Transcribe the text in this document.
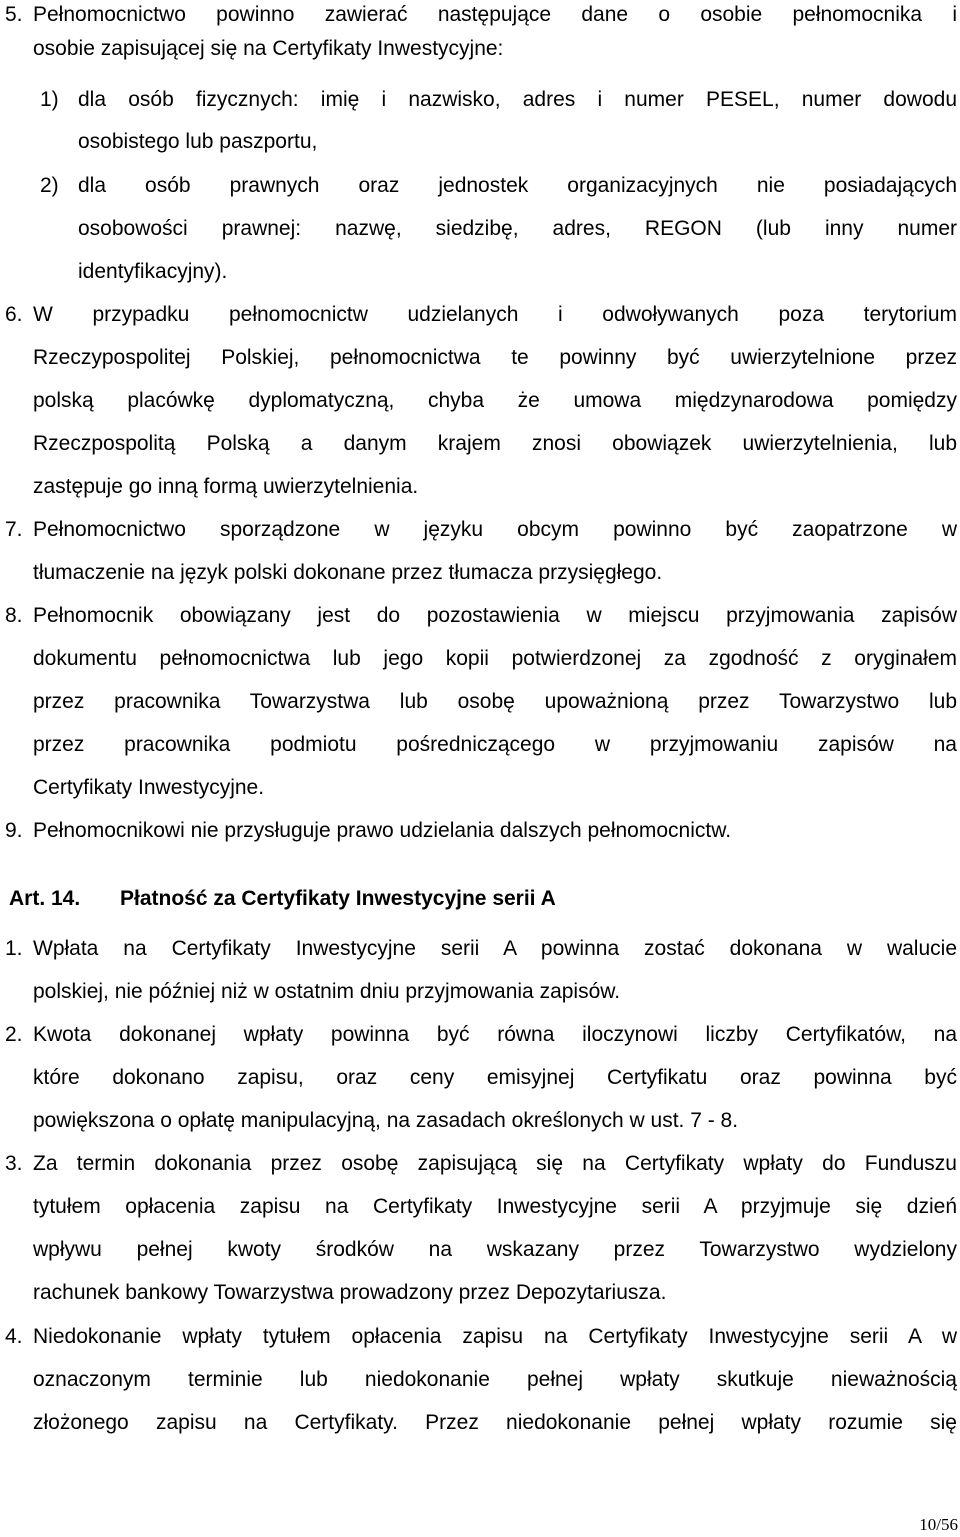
5. Pełnomocnictwo powinno zawierać następujące dane o osobie pełnomocnika i
osobie zapisującej się na Certyfikaty Inwestycyjne:
1) dla osób fizycznych: imię i nazwisko, adres i numer PESEL, numer dowodu
osobistego lub paszportu,
2) dla osób prawnych oraz jednostek organizacyjnych nie posiadających
osobowości prawnej: nazwę, siedzibę, adres, REGON (lub inny numer
identyfikacyjny).
6. W przypadku pełnomocnictw udzielanych i odwoływanych poza terytorium
Rzeczypospolitej Polskiej, pełnomocnictwa te powinny być uwierzytelnione przez
polską placówkę dyplomatyczną, chyba że umowa międzynarodowa pomiędzy
Rzeczpospolitą Polską a danym krajem znosi obowiązek uwierzytelnienia, lub
zastępuje go inną formą uwierzytelnienia.
7. Pełnomocnictwo sporządzone w języku obcym powinno być zaopatrzone w
tłumaczenie na język polski dokonane przez tłumacza przysięgłego.
8. Pełnomocnik obowiązany jest do pozostawienia w miejscu przyjmowania zapisów
dokumentu pełnomocnictwa lub jego kopii potwierdzonej za zgodność z oryginałem
przez pracownika Towarzystwa lub osobę upoważnioną przez Towarzystwo lub
przez pracownika podmiotu pośredniczącego w przyjmowaniu zapisów na
Certyfikaty Inwestycyjne.
9. Pełnomocnikowi nie przysługuje prawo udzielania dalszych pełnomocnictw.
Art. 14. Płatność za Certyfikaty Inwestycyjne serii A
1. Wpłata na Certyfikaty Inwestycyjne serii A powinna zostać dokonana w walucie
polskiej, nie później niż w ostatnim dniu przyjmowania zapisów.
2. Kwota dokonanej wpłaty powinna być równa iloczynowi liczby Certyfikatów, na
które dokonano zapisu, oraz ceny emisyjnej Certyfikatu oraz powinna być
powiększona o opłatę manipulacyjną, na zasadach określonych w ust. 7 - 8.
3. Za termin dokonania przez osobę zapisującą się na Certyfikaty wpłaty do Funduszu
tytułem opłacenia zapisu na Certyfikaty Inwestycyjne serii A przyjmuje się dzień
wpływu pełnej kwoty środków na wskazany przez Towarzystwo wydzielony
rachunek bankowy Towarzystwa prowadzony przez Depozytariusza.
4. Niedokonanie wpłaty tytułem opłacenia zapisu na Certyfikaty Inwestycyjne serii A w
oznaczonym terminie lub niedokonanie pełnej wpłaty skutkuje nieważnością
złożonego zapisu na Certyfikaty. Przez niedokonanie pełnej wpłaty rozumie się
10/56
